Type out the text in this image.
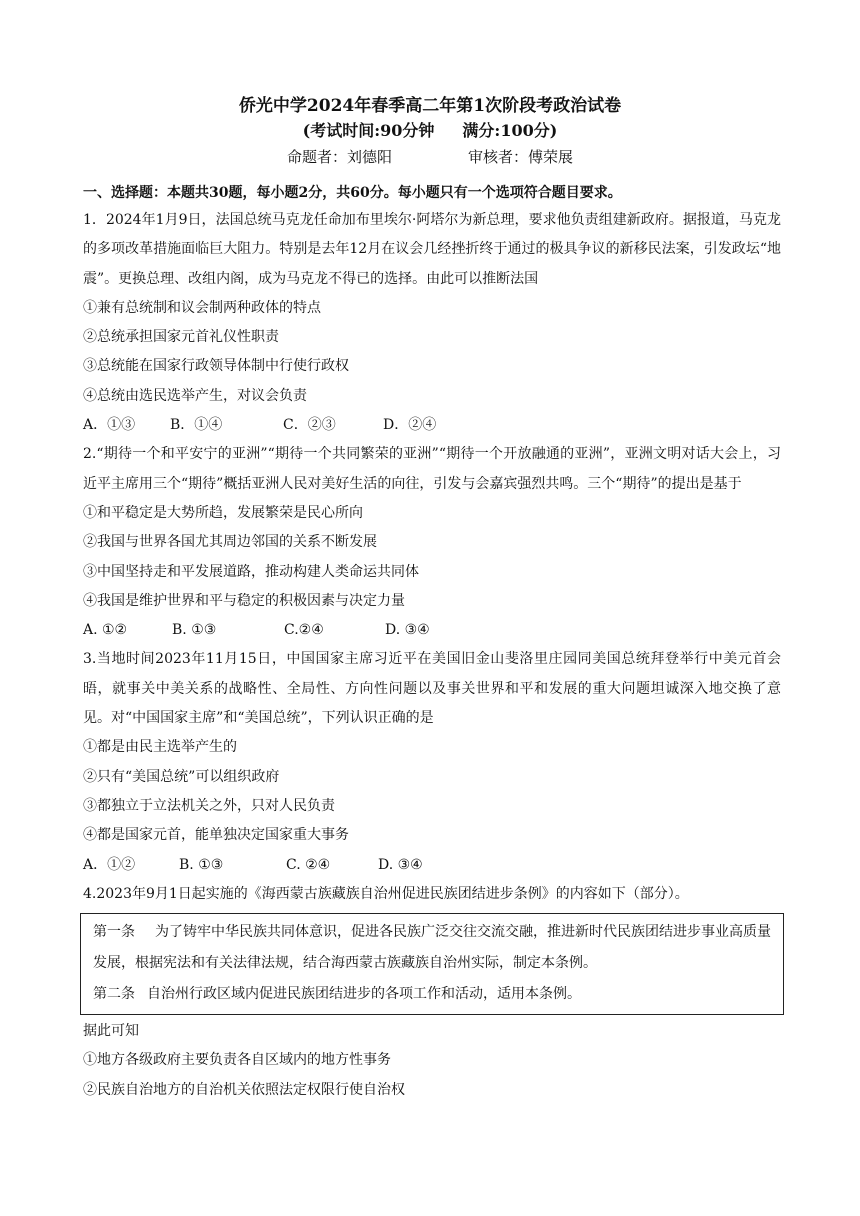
侨光中学2024年春季高二年第1次阶段考政治试卷
(考试时间:90分钟 满分:100分)
命题者：刘德阳	审核者：傅荣展
一、选择题：本题共30题，每小题2分，共60分。每小题只有一个选项符合题目要求。
1．2024年1月9日，法国总统马克龙任命加布里埃尔·阿塔尔为新总理，要求他负责组建新政府。据报道，马克龙的多项改革措施面临巨大阻力。特别是去年12月在议会几经挫折终于通过的极具争议的新移民法案，引发政坛“地震”。更换总理、改组内阁，成为马克龙不得已的选择。由此可以推断法国
①兼有总统制和议会制两种政体的特点
②总统承担国家元首礼仪性职责
③总统能在国家行政领导体制中行使行政权
④总统由选民选举产生，对议会负责
A．①③ B．①④	C．②③	D．②④
2.“期待一个和平安宁的亚洲”“期待一个共同繁荣的亚洲”“期待一个开放融通的亚洲”，亚洲文明对话大会上，习近平主席用三个“期待”概括亚洲人民对美好生活的向往，引发与会嘉宾强烈共鸣。三个“期待”的提出是基于
①和平稳定是大势所趋，发展繁荣是民心所向
②我国与世界各国尤其周边邻国的关系不断发展
③中国坚持走和平发展道路，推动构建人类命运共同体
④我国是维护世界和平与稳定的积极因素与决定力量
A. ①②	B. ①③	C.②④	D. ③④
3.当地时间2023年11月15日，中国国家主席习近平在美国旧金山斐洛里庄园同美国总统拜登举行中美元首会晤，就事关中美关系的战略性、全局性、方向性问题以及事关世界和平和发展的重大问题坦诚深入地交换了意见。对“中国国家主席”和“美国总统”，下列认识正确的是
①都是由民主选举产生的
②只有“美国总统”可以组织政府
③都独立于立法机关之外，只对人民负责
④都是国家元首，能单独决定国家重大事务
A．①②	B. ①③	C. ②④	D. ③④
4.2023年9月1日起实施的《海西蒙古族藏族自治州促进民族团结进步条例》的内容如下（部分）。
第一条 为了铸牢中华民族共同体意识，促进各民族广泛交往交流交融，推进新时代民族团结进步事业高质量发展，根据宪法和有关法律法规，结合海西蒙古族藏族自治州实际，制定本条例。
第二条 自治州行政区域内促进民族团结进步的各项工作和活动，适用本条例。
据此可知
①地方各级政府主要负责各自区域内的地方性事务
②民族自治地方的自治机关依照法定权限行使自治权
